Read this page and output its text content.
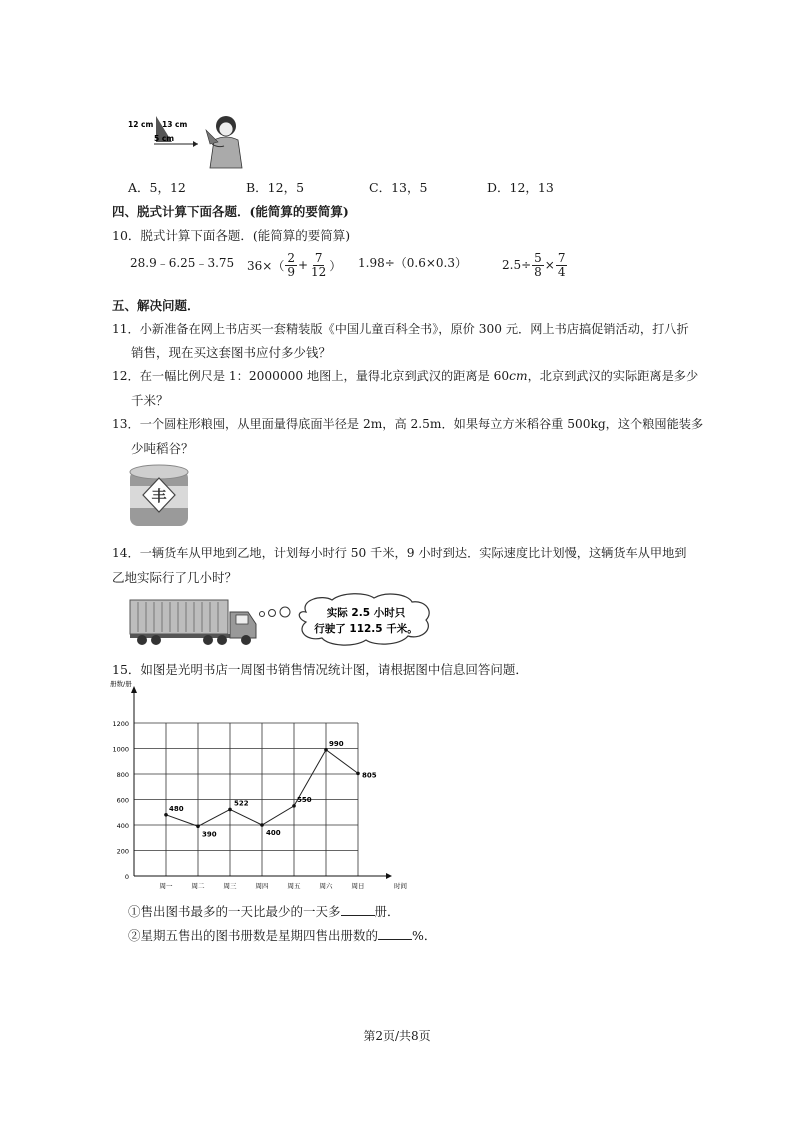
12 cm 13 cm
5 cm
A．5，12	B．12，5	C．13，5	D．12，13
四、脱式计算下面各题．(能简算的要简算)
10．脱式计算下面各题．(能简算的要简算)
28.9﹣6.25﹣3.75 $36\times( \frac{2}{9} + \frac{7}{12}$ ） 1.98÷（0.6×0.3）	$2.5\div \frac{5}{8} \times \frac{7}{4}$
五、解决问题．
11．小新准备在网上书店买一套精装版《中国儿童百科全书》，原价 300 元．网上书店搞促销活动，打八折
销售，现在买这套图书应付多少钱？
12．在一幅比例尺是 1：2000000 地图上，量得北京到武汉的距离是 60cm，北京到武汉的实际距离是多少
千米？
13．一个圆柱形粮囤，从里面量得底面半径是 2m，高 2.5m．如果每立方米稻谷重 500kg，这个粮囤能装多
少吨稻谷？
丰
14．一辆货车从甲地到乙地，计划每小时行 50 千米，9 小时到达．实际速度比计划慢，这辆货车从甲地到
乙地实际行了几小时？
实际 2.5 小时只
行驶了 112.5 千米。
15．如图是光明书店一周图书销售情况统计图，请根据图中信息回答问题．
0
200
400
600
800
1000
1200
册数/册
时间
周一	周二	周三	周四	周五	周六	周日
480
390
522
400
550
990
805
①售出图书最多的一天比最少的一天多	册．
②星期五售出的图书册数是星期四售出册数的	%．
第2页/共8页
